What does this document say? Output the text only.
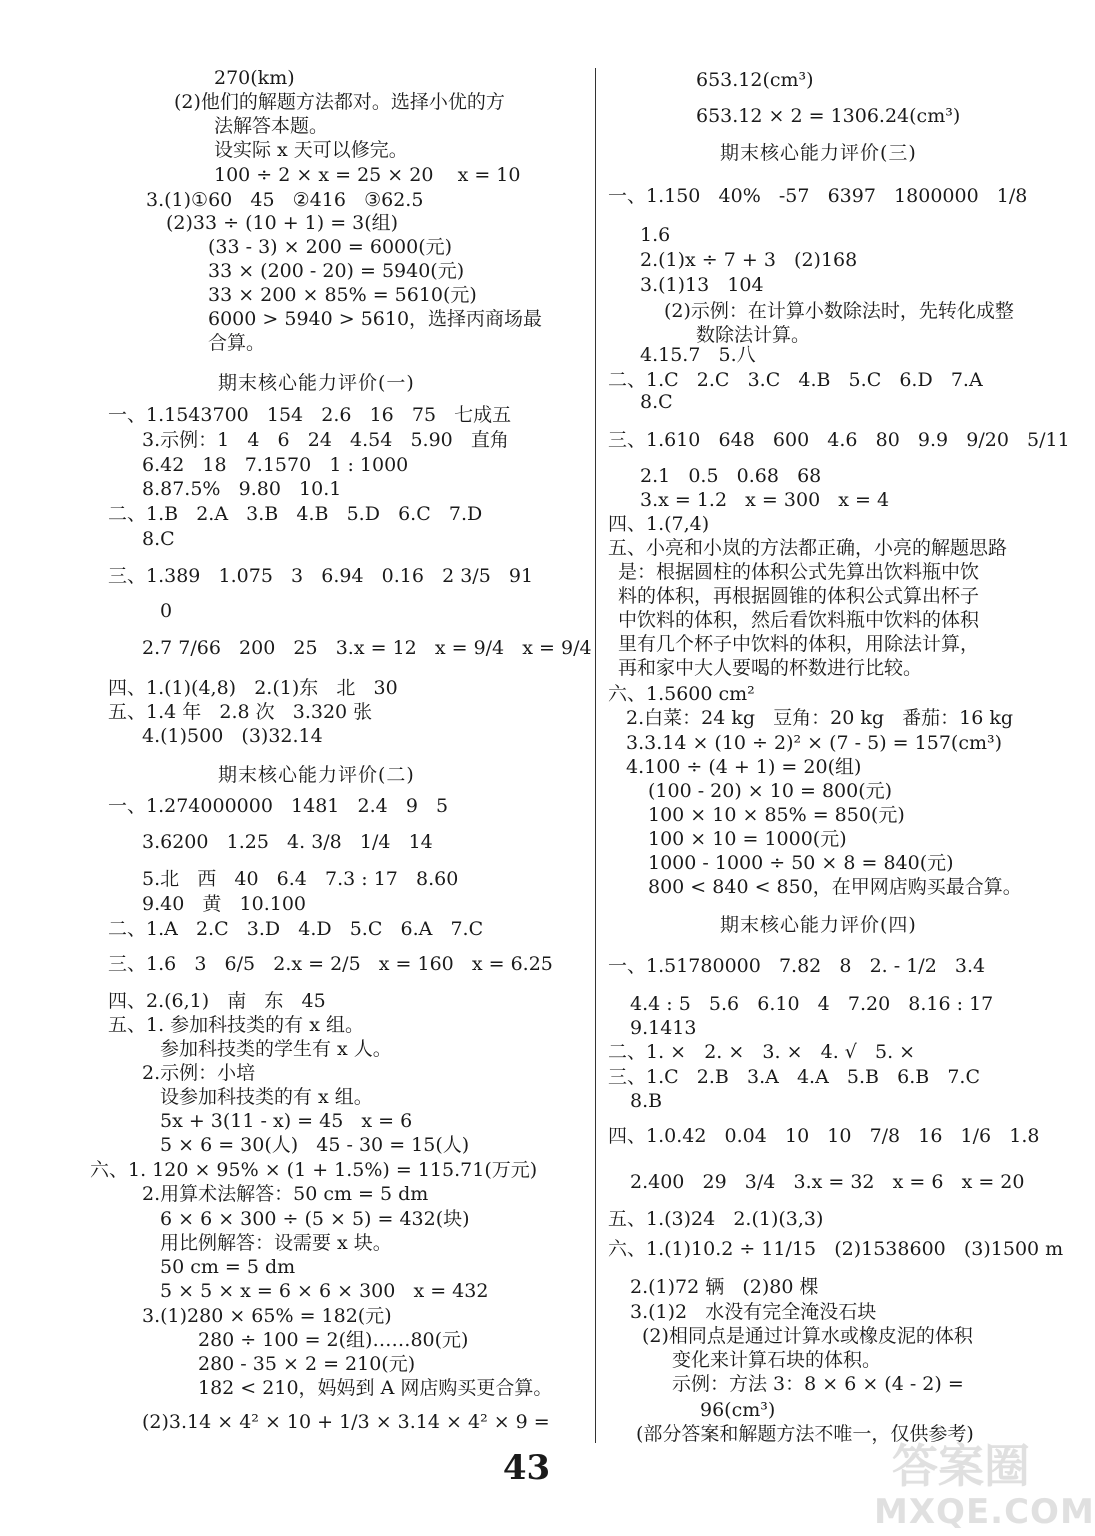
270(km)
(2)他们的解题方法都对。选择小优的方
法解答本题。
设实际 x 天可以修完。
100 ÷ 2 × x = 25 × 20    x = 10
3.(1)①60   45   ②416   ③62.5
(2)33 ÷ (10 + 1) = 3(组)
(33 - 3) × 200 = 6000(元)
33 × (200 - 20) = 5940(元)
33 × 200 × 85% = 5610(元)
6000 > 5940 > 5610，选择丙商场最
合算。
期末核心能力评价(一)
一、1.1543700   154   2.6   16   75   七成五
3.示例：1   4   6   24   4.54   5.90   直角
6.42   18   7.1570   1 : 1000
8.87.5%   9.80   10.1
二、1.B   2.A   3.B   4.B   5.D   6.C   7.D
8.C
三、1.389   1.075   3   6.94   0.16   2 3/5   91
0
2.7 7/66   200   25   3.x = 12   x = 9/4   x = 9/4
四、1.(1)(4,8)   2.(1)东   北   30
五、1.4 年   2.8 次   3.320 张
4.(1)500   (3)32.14
期末核心能力评价(二)
一、1.274000000   1481   2.4   9   5
3.6200   1.25   4. 3/8   1/4   14
5.北   西   40   6.4   7.3 : 17   8.60
9.40   黄   10.100
二、1.A   2.C   3.D   4.D   5.C   6.A   7.C
三、1.6   3   6/5   2.x = 2/5   x = 160   x = 6.25
四、2.(6,1)   南   东   45
五、1. 参加科技类的有 x 组。
参加科技类的学生有 x 人。
2.示例：小培
设参加科技类的有 x 组。
5x + 3(11 - x) = 45   x = 6
5 × 6 = 30(人)   45 - 30 = 15(人)
六、1. 120 × 95% × (1 + 1.5%) = 115.71(万元)
2.用算术法解答：50 cm = 5 dm
6 × 6 × 300 ÷ (5 × 5) = 432(块)
用比例解答：设需要 x 块。
50 cm = 5 dm
5 × 5 × x = 6 × 6 × 300   x = 432
3.(1)280 × 65% = 182(元)
280 ÷ 100 = 2(组)……80(元)
280 - 35 × 2 = 210(元)
182 < 210，妈妈到 A 网店购买更合算。
(2)3.14 × 4² × 10 + 1/3 × 3.14 × 4² × 9 =
653.12(cm³)
653.12 × 2 = 1306.24(cm³)
期末核心能力评价(三)
一、1.150   40%   -57   6397   1800000   1/8
1.6
2.(1)x ÷ 7 + 3   (2)168
3.(1)13   104
(2)示例：在计算小数除法时，先转化成整
数除法计算。
4.15.7   5.八
二、1.C   2.C   3.C   4.B   5.C   6.D   7.A
8.C
三、1.610   648   600   4.6   80   9.9   9/20   5/11
2.1   0.5   0.68   68
3.x = 1.2   x = 300   x = 4
四、1.(7,4)
五、小亮和小岚的方法都正确，小亮的解题思路
是：根据圆柱的体积公式先算出饮料瓶中饮
料的体积，再根据圆锥的体积公式算出杯子
中饮料的体积，然后看饮料瓶中饮料的体积
里有几个杯子中饮料的体积，用除法计算，
再和家中大人要喝的杯数进行比较。
六、1.5600 cm²
2.白菜：24 kg   豆角：20 kg   番茄：16 kg
3.3.14 × (10 ÷ 2)² × (7 - 5) = 157(cm³)
4.100 ÷ (4 + 1) = 20(组)
(100 - 20) × 10 = 800(元)
100 × 10 × 85% = 850(元)
100 × 10 = 1000(元)
1000 - 1000 ÷ 50 × 8 = 840(元)
800 < 840 < 850，在甲网店购买最合算。
期末核心能力评价(四)
一、1.51780000   7.82   8   2. - 1/2   3.4
4.4 : 5   5.6   6.10   4   7.20   8.16 : 17
9.1413
二、1. ×   2. ×   3. ×   4. √   5. ×
三、1.C   2.B   3.A   4.A   5.B   6.B   7.C
8.B
四、1.0.42   0.04   10   10   7/8   16   1/6   1.8
2.400   29   3/4   3.x = 32   x = 6   x = 20
五、1.(3)24   2.(1)(3,3)
六、1.(1)10.2 ÷ 11/15   (2)1538600   (3)1500 m
2.(1)72 辆   (2)80 棵
3.(1)2   水没有完全淹没石块
(2)相同点是通过计算水或橡皮泥的体积
变化来计算石块的体积。
示例：方法 3：8 × 6 × (4 - 2) =
96(cm³)
(部分答案和解题方法不唯一，仅供参考)
43	答案圈
MXQE.COM
